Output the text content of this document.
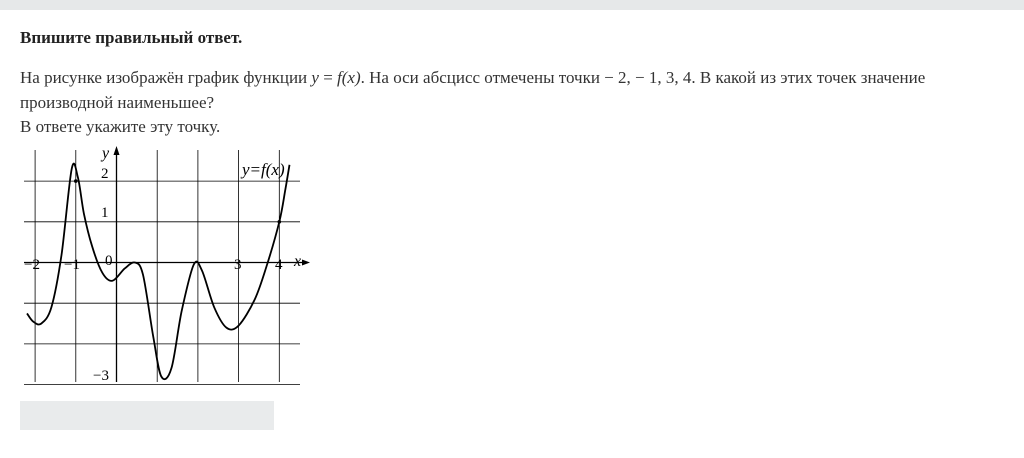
Впишите правильный ответ.

На рисунке изображён график функции y = f(x). На оси абсцисс отмечены точки − 2, − 1, 3, 4. В какой из этих точек значение производной наименьшее?

В ответе укажите эту точку.

y
x
y=f(x)
−2 −1 0	3 4
2
1
−3
